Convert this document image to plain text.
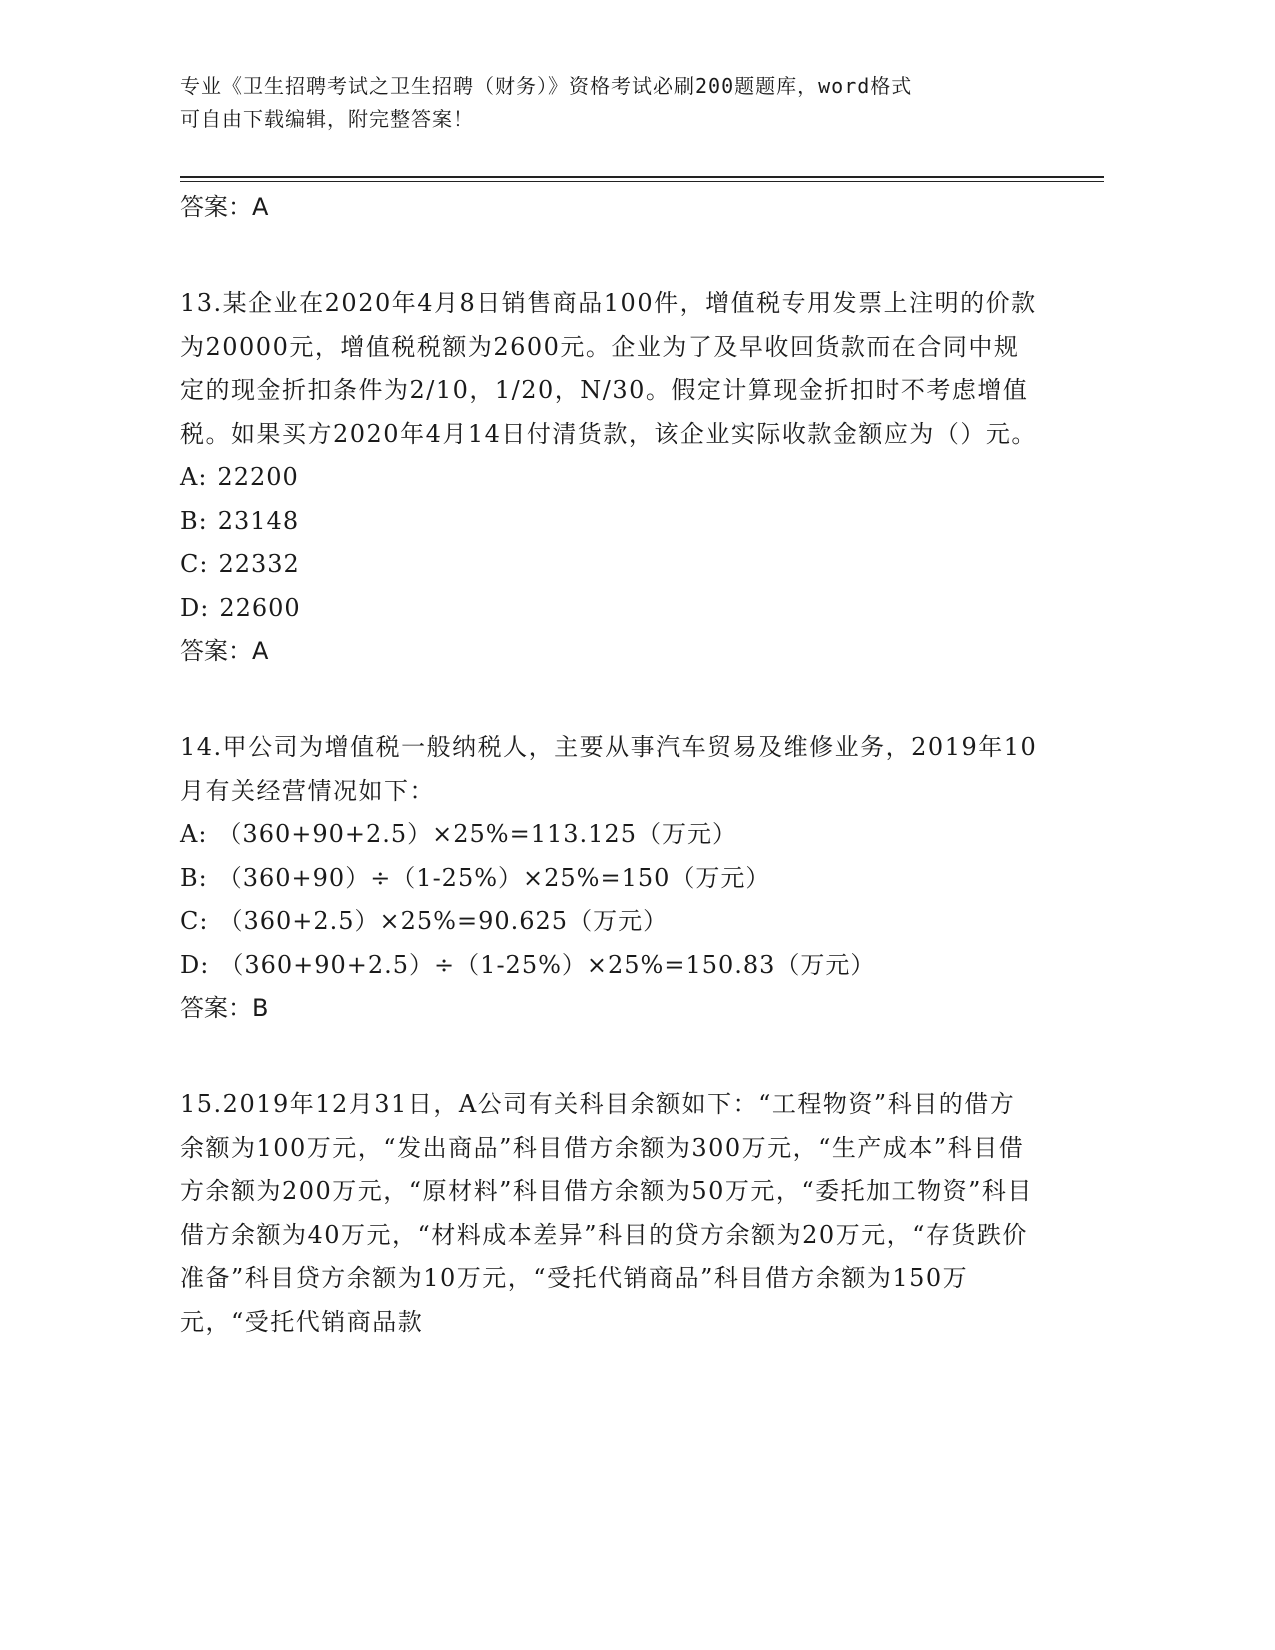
专业《卫生招聘考试之卫生招聘（财务）》资格考试必刷200题题库，word格式
可自由下载编辑，附完整答案！

答案：A

13.某企业在2020年4月8日销售商品100件，增值税专用发票上注明的价款为20000元，增值税税额为2600元。企业为了及早收回货款而在合同中规定的现金折扣条件为2/10，1/20，N/30。假定计算现金折扣时不考虑增值税。如果买方2020年4月14日付清货款，该企业实际收款金额应为（）元。

A: 22200

B: 23148

C: 22332

D: 22600

答案：A

14.甲公司为增值税一般纳税人，主要从事汽车贸易及维修业务，2019年10月有关经营情况如下：

A: （360+90+2.5）×25%=113.125（万元）

B: （360+90）÷（1-25%）×25%=150（万元）

C: （360+2.5）×25%=90.625（万元）

D: （360+90+2.5）÷（1-25%）×25%=150.83（万元）

答案：B

15.2019年12月31日，A公司有关科目余额如下：“工程物资”科目的借方余额为100万元，“发出商品”科目借方余额为300万元，“生产成本”科目借方余额为200万元，“原材料”科目借方余额为50万元，“委托加工物资”科目借方余额为40万元，“材料成本差异”科目的贷方余额为20万元，“存货跌价准备”科目贷方余额为10万元，“受托代销商品”科目借方余额为150万元，“受托代销商品款
